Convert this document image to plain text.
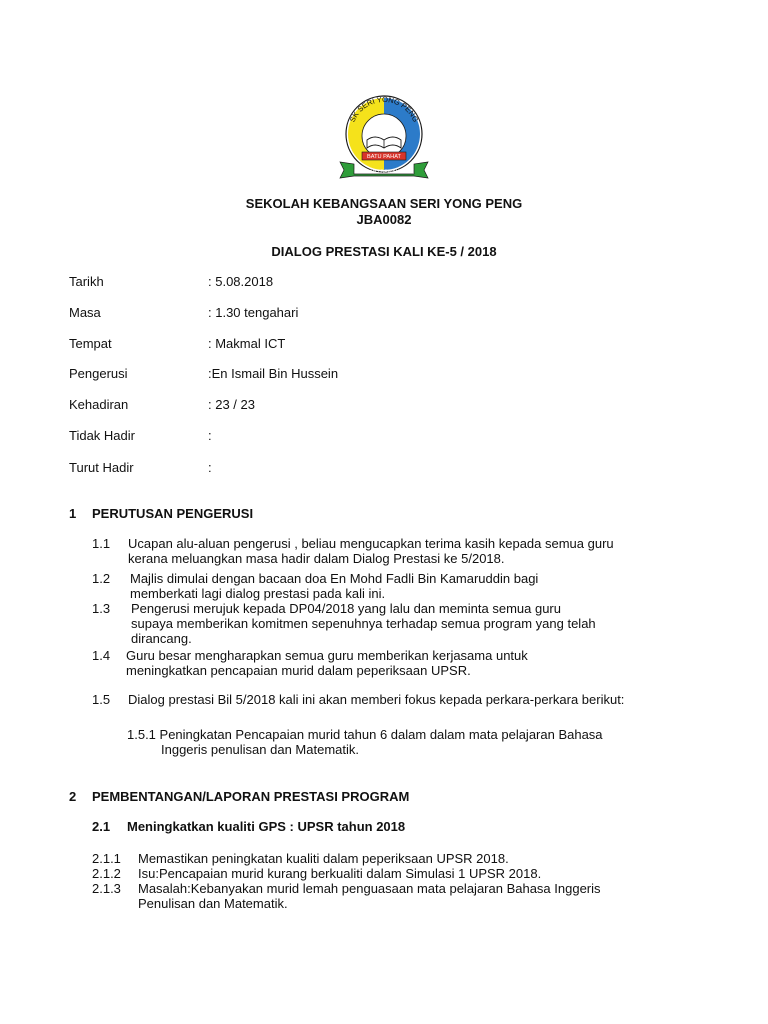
SK SERI YONG PENG
BATU PAHAT
BERILMU BERAKHLAK
SEKOLAH KEBANGSAAN SERI YONG PENG
JBA0082
DIALOG PRESTASI KALI KE-5 / 2018
Tarikh	: 5.08.2018
Masa	: 1.30 tengahari
Tempat	: Makmal ICT
Pengerusi	:En Ismail Bin Hussein
Kehadiran	: 23 / 23
Tidak Hadir	:
Turut Hadir	:
1 PERUTUSAN PENGERUSI
1.1 Ucapan alu-aluan pengerusi , beliau mengucapkan terima kasih kepada semua guru
kerana meluangkan masa hadir dalam Dialog Prestasi ke 5/2018.
1.2 Majlis dimulai dengan bacaan doa En Mohd Fadli Bin Kamaruddin bagi
memberkati lagi dialog prestasi pada kali ini.
1.3 Pengerusi merujuk kepada DP04/2018 yang lalu dan meminta semua guru
supaya memberikan komitmen sepenuhnya terhadap semua program yang telah
dirancang.
1.4 Guru besar mengharapkan semua guru memberikan kerjasama untuk
meningkatkan pencapaian murid dalam peperiksaan UPSR.
1.5 Dialog prestasi Bil 5/2018 kali ini akan memberi fokus kepada perkara-perkara berikut:
1.5.1 Peningkatan Pencapaian murid tahun 6 dalam dalam mata pelajaran Bahasa
Inggeris penulisan dan Matematik.
2 PEMBENTANGAN/LAPORAN PRESTASI PROGRAM
2.1 Meningkatkan kualiti GPS : UPSR tahun 2018
2.1.1 Memastikan peningkatan kualiti dalam peperiksaan UPSR 2018.
2.1.2 Isu:Pencapaian murid kurang berkualiti dalam Simulasi 1 UPSR 2018.
2.1.3 Masalah:Kebanyakan murid lemah penguasaan mata pelajaran Bahasa Inggeris
Penulisan dan Matematik.
